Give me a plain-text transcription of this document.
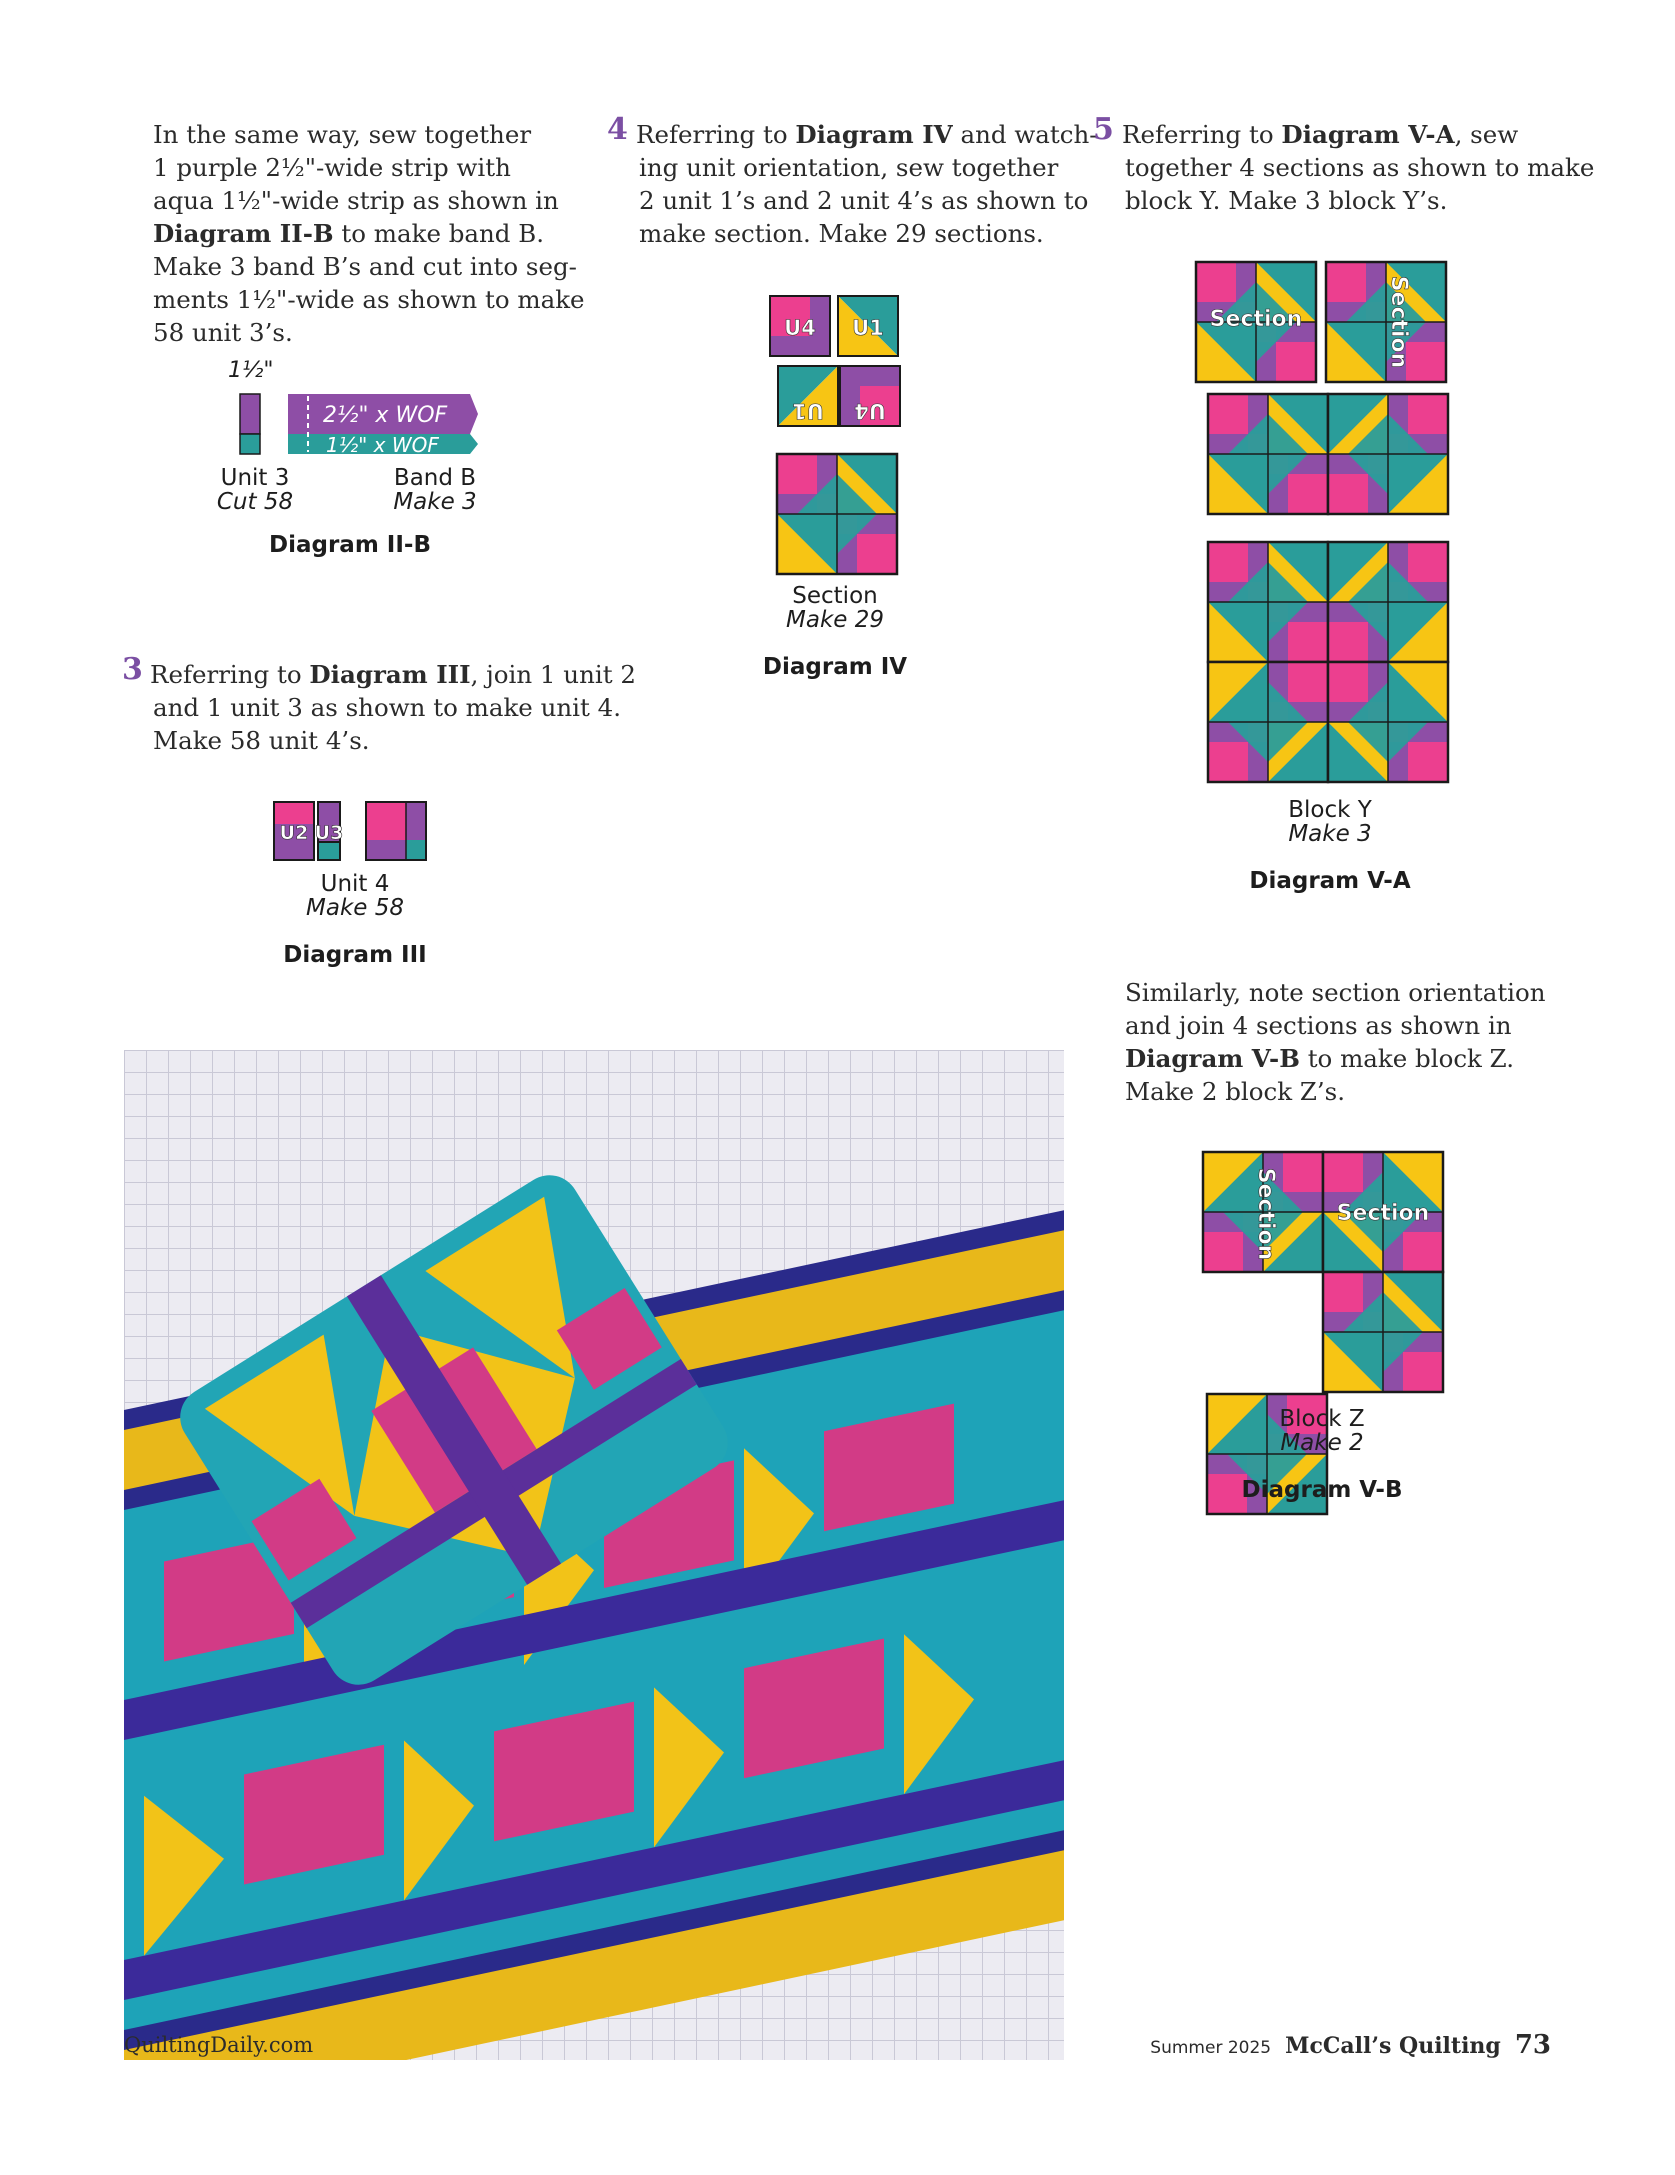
In the same way, sew together
1 purple 2½"-wide strip with
aqua 1½"-wide strip as shown in
Diagram II-B to make band B.
Make 3 band B’s and cut into seg-
ments 1½"-wide as shown to make
58 unit 3’s.
1½"
2½" x WOF
1½" x WOF
Unit 3
Cut 58
Band B
Make 3
Diagram II-B
3 Referring to Diagram III, join 1 unit 2
and 1 unit 3 as shown to make unit 4.
Make 58 unit 4’s.
U2 U3
Unit 4
Make 58
Diagram III
4 Referring to Diagram IV and watch-
ing unit orientation, sew together
2 unit 1’s and 2 unit 4’s as shown to
make section. Make 29 sections.
U4 U1
U1 U4
Section
Make 29
Diagram IV
5 Referring to Diagram V-A, sew
together 4 sections as shown to make
block Y. Make 3 block Y’s.
Section	Section
Block Y
Make 3
Diagram V-A
Similarly, note section orientation
and join 4 sections as shown in
Diagram V-B to make block Z.
Make 2 block Z’s.
Section	Section
Block Z
Make 2
Diagram V-B
QuiltingDaily.com	Summer 2025 McCall’s Quilting 73
